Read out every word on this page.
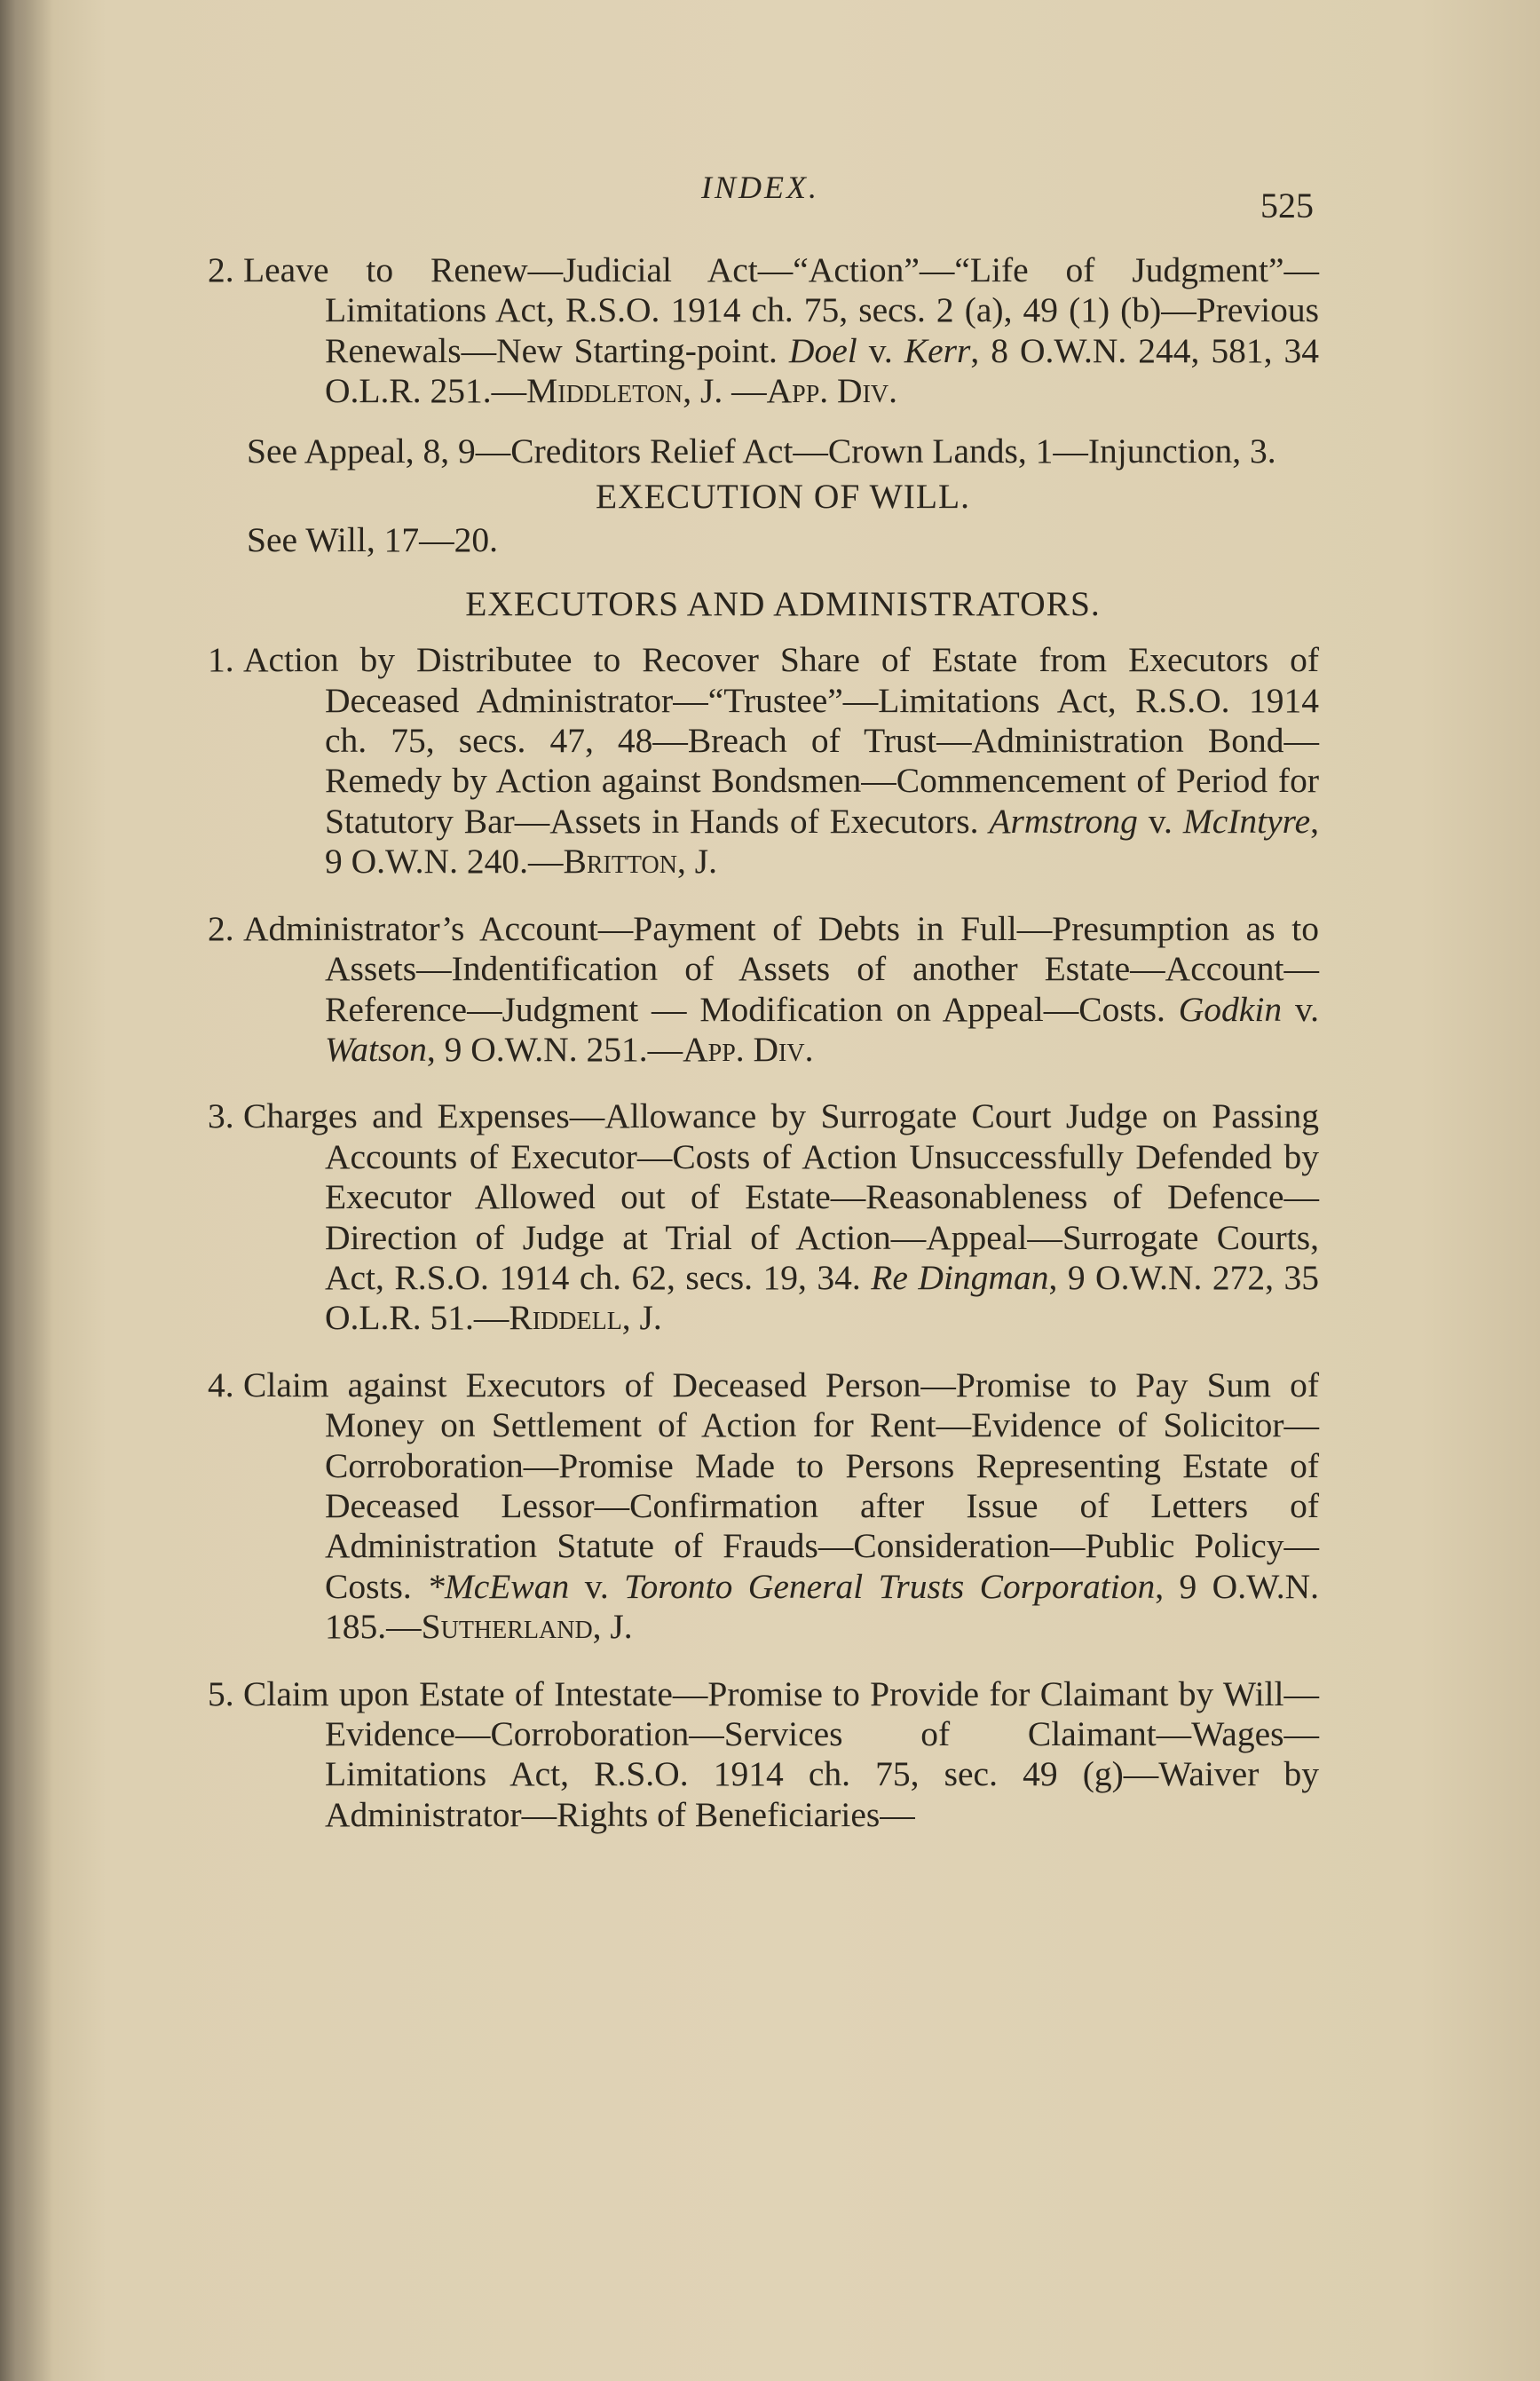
INDEX.	525
2. Leave to Renew—Judicial Act—“Action”—“Life of Judgment”—Limitations Act, R.S.O. 1914 ch. 75, secs. 2 (a), 49 (1) (b)—Previous Renewals—New Starting-point. Doel v. Kerr, 8 O.W.N. 244, 581, 34 O.L.R. 251.—Middleton, J. —App. Div.
See Appeal, 8, 9—Creditors Relief Act—Crown Lands, 1—Injunction, 3.
EXECUTION OF WILL.
See Will, 17—20.
EXECUTORS AND ADMINISTRATORS.
1. Action by Distributee to Recover Share of Estate from Executors of Deceased Administrator—“Trustee”—Limitations Act, R.S.O. 1914 ch. 75, secs. 47, 48—Breach of Trust—Administration Bond—Remedy by Action against Bondsmen—Commencement of Period for Statutory Bar—Assets in Hands of Executors. Armstrong v. McIntyre, 9 O.W.N. 240.—Britton, J.
2. Administrator’s Account—Payment of Debts in Full—Presumption as to Assets—Indentification of Assets of another Estate—Account—Reference—Judgment — Modification on Appeal—Costs. Godkin v. Watson, 9 O.W.N. 251.—App. Div.
3. Charges and Expenses—Allowance by Surrogate Court Judge on Passing Accounts of Executor—Costs of Action Unsuccessfully Defended by Executor Allowed out of Estate—Reasonableness of Defence—Direction of Judge at Trial of Action—Appeal—Surrogate Courts, Act, R.S.O. 1914 ch. 62, secs. 19, 34. Re Dingman, 9 O.W.N. 272, 35 O.L.R. 51.—Riddell, J.
4. Claim against Executors of Deceased Person—Promise to Pay Sum of Money on Settlement of Action for Rent—Evidence of Solicitor—Corroboration—Promise Made to Persons Representing Estate of Deceased Lessor—Confirmation after Issue of Letters of Administration Statute of Frauds—Consideration—Public Policy—Costs. *McEwan v. Toronto General Trusts Corporation, 9 O.W.N. 185.—Sutherland, J.
5. Claim upon Estate of Intestate—Promise to Provide for Claimant by Will—Evidence—Corroboration—Services of Claimant—Wages—Limitations Act, R.S.O. 1914 ch. 75, sec. 49 (g)—Waiver by Administrator—Rights of Beneficiaries—
